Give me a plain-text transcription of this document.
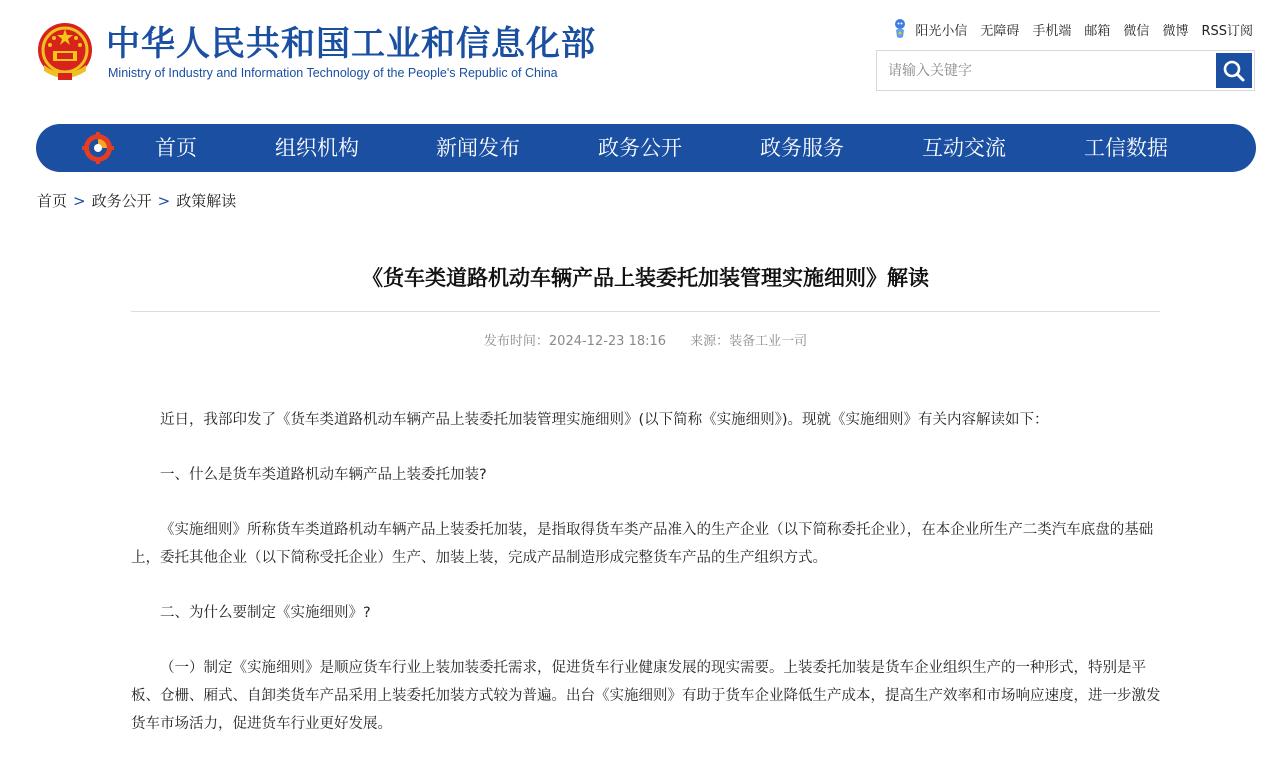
中华人民共和国工业和信息化部
Ministry of Industry and Information Technology of the People's Republic of China
阳光小信 无障碍 手机端 邮箱 微信 微博 RSS订阅
请输入关键字
首页	组织机构	新闻发布	政务公开	政务服务	互动交流	工信数据
首页 > 政务公开 > 政策解读
《货车类道路机动车辆产品上装委托加装管理实施细则》解读
发布时间：2024-12-23 18:16 来源：装备工业一司

近日，我部印发了《货车类道路机动车辆产品上装委托加装管理实施细则》(以下简称《实施细则》)。现就《实施细则》有关内容解读如下：

一、什么是货车类道路机动车辆产品上装委托加装?

《实施细则》所称货车类道路机动车辆产品上装委托加装，是指取得货车类产品准入的生产企业（以下简称委托企业），在本企业所生产二类汽车底盘的基础上，委托其他企业（以下简称受托企业）生产、加装上装，完成产品制造形成完整货车产品的生产组织方式。

二、为什么要制定《实施细则》?

（一）制定《实施细则》是顺应货车行业上装加装委托需求，促进货车行业健康发展的现实需要。上装委托加装是货车企业组织生产的一种形式，特别是平板、仓栅、厢式、自卸类货车产品采用上装委托加装方式较为普遍。出台《实施细则》有助于货车企业降低生产成本，提高生产效率和市场响应速度，进一步激发货车市场活力，促进货车行业更好发展。
